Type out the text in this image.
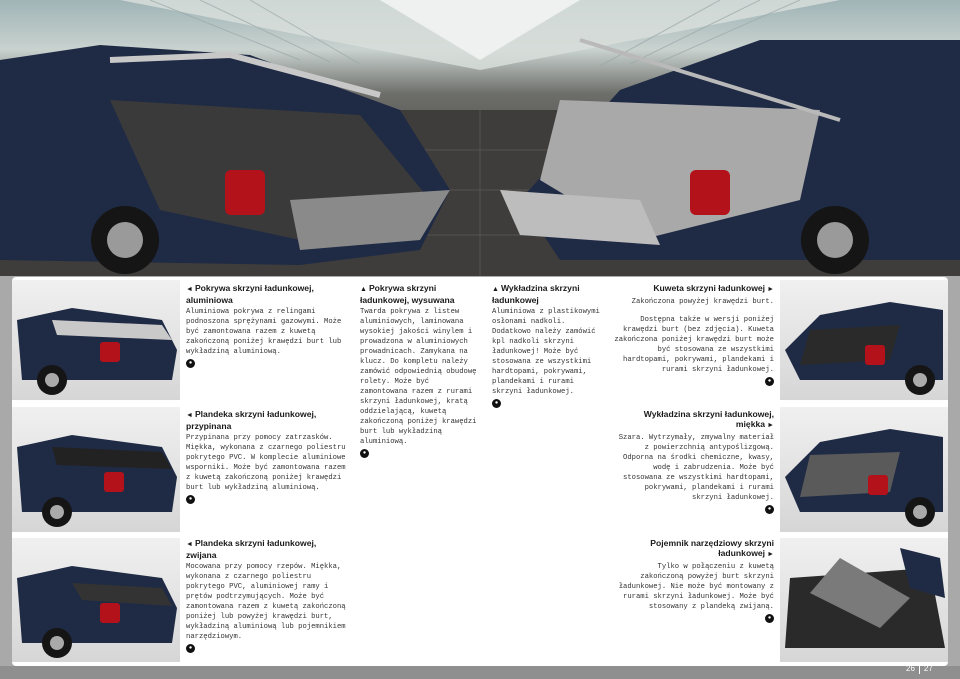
◄ Pokrywa skrzyni ładunkowej, aluminiowa

Aluminiowa pokrywa z relingami podnoszona sprężynami gazowymi. Może być zamontowana razem z kuwetą zakończoną poniżej krawędzi burt lub wykładziną aluminiową.

●
◄ Plandeka skrzyni ładunkowej, przypinana

Przypinana przy pomocy zatrzasków. Miękka, wykonana z czarnego poliestru pokrytego PVC. W komplecie aluminiowe wsporniki. Może być zamontowana razem z kuwetą zakończoną poniżej krawędzi burt lub wykładziną aluminiową.

●
◄ Plandeka skrzyni ładunkowej, zwijana

Mocowana przy pomocy rzepów. Miękka, wykonana z czarnego poliestru pokrytego PVC, aluminiowej ramy i prętów podtrzymujących. Może być zamontowana razem z kuwetą zakończoną poniżej lub powyżej krawędzi burt, wykładziną aluminiową lub pojemnikiem narzędziowym.

●
▲ Pokrywa skrzyni ładunkowej, wysuwana

Twarda pokrywa z listew aluminiowych, laminowana wysokiej jakości winylem i prowadzona w aluminiowych prowadnicach. Zamykana na klucz. Do kompletu należy zamówić odpowiednią obudowę rolety. Może być zamontowana razem z rurami skrzyni ładunkowej, kratą oddzielającą, kuwetą zakończoną poniżej krawędzi burt lub wykładziną aluminiową.

●
▲ Wykładzina skrzyni ładunkowej

Aluminiowa z plastikowymi osłonami nadkoli. Dodatkowo należy zamówić kpl nadkoli skrzyni ładunkowej! Może być stosowana ze wszystkimi hardtopami, pokrywami, plandekami i rurami skrzyni ładunkowej.

●
Kuweta skrzyni ładunkowej ►

Zakończona powyżej krawędzi burt.

Dostępna także w wersji poniżej krawędzi burt (bez zdjęcia). Kuweta zakończona poniżej krawędzi burt może być stosowana ze wszystkimi hardtopami, pokrywami, plandekami i rurami skrzyni ładunkowej.

●
Wykładzina skrzyni ładunkowej, miękka ►

Szara. Wytrzymały, zmywalny materiał z powierzchnią antypoślizgową. Odporna na środki chemiczne, kwasy, wodę i zabrudzenia. Może być stosowana ze wszystkimi hardtopami, pokrywami, plandekami i rurami skrzyni ładunkowej.

●
Pojemnik narzędziowy skrzyni ładunkowej ►

Tylko w połączeniu z kuwetą zakończoną powyżej burt skrzyni ładunkowej. Nie może być montowany z rurami skrzyni ładunkowej. Może być stosowany z plandeką zwijaną.

●
26 27
